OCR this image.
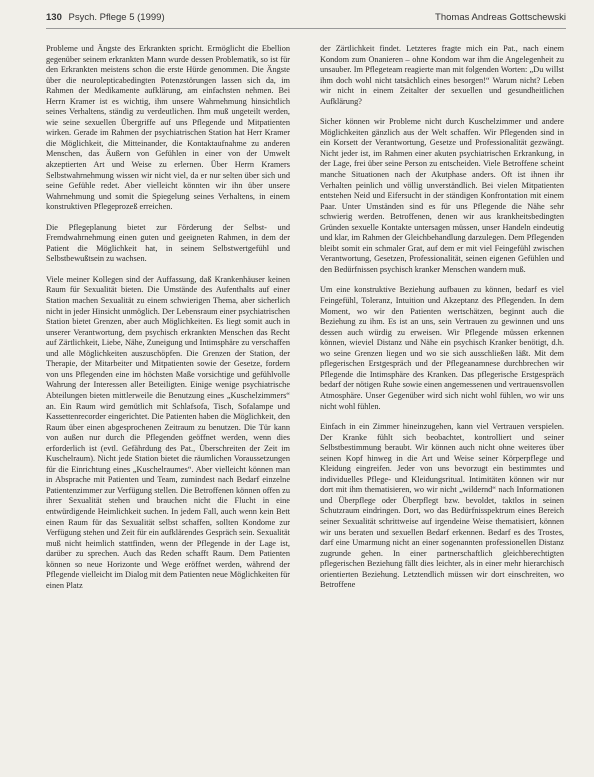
130 Psych. Pflege 5 (1999)	Thomas Andreas Gottschewski

Probleme und Ängste des Erkrankten spricht. Ermöglicht die Ebellion gegenüber seinem erkrankten Mann wurde dessen Problematik, so ist für den Erkrankten meistens schon die erste Hürde genommen. Die Ängste über die neurolepticabedingten Potenzstörungen lassen sich da, im Rahmen der Medikamente aufklärung, am einfachsten nehmen. Bei Herrn Kramer ist es wichtig, ihm unsere Wahrnehmung hinsichtlich seines Verhaltens, ständig zu verdeutlichen. Ihm muß ungeteilt werden, wie seine sexuellen Übergriffe auf uns Pflegende und Mitpatienten wirken. Gerade im Rahmen der psychiatrischen Station hat Herr Kramer die Möglichkeit, die Mitteinander, die Kontaktaufnahme zu anderen Menschen, das Äußern von Gefühlen in einer von der Umwelt akzeptierten Art und Weise zu erlernen. Über Herrn Kramers Selbstwahrnehmung wissen wir nicht viel, da er nur selten über sich und seine Gefühle redet. Aber vielleicht könnten wir ihn über unsere Wahrnehmung und somit die Spiegelung seines Verhaltens, in einem konstruktiven Pflegeprozeß erreichen.

Die Pflegeplanung bietet zur Förderung der Selbst- und Fremdwahrnehmung einen guten und geeigneten Rahmen, in dem der Patient die Möglichkeit hat, in seinem Selbstwertgefühl und Selbstbewußtsein zu wachsen.

Viele meiner Kollegen sind der Auffassung, daß Krankenhäuser keinen Raum für Sexualität bieten. Die Umstände des Aufenthalts auf einer Station machen Sexualität zu einem schwierigen Thema, aber sicherlich nicht in jeder Hinsicht unmöglich. Der Lebensraum einer psychiatrischen Station bietet Grenzen, aber auch Möglichkeiten. Es liegt somit auch in unserer Verantwortung, dem psychisch erkrankten Menschen das Recht auf Zärtlichkeit, Liebe, Nähe, Zuneigung und Intimsphäre zu verschaffen und alle Möglichkeiten auszuschöpfen. Die Grenzen der Station, der Therapie, der Mitarbeiter und Mitpatienten sowie der Gesetze, fordern von uns Pflegenden eine im höchsten Maße vorsichtige und gefühlvolle Wahrung der Interessen aller Beteiligten. Einige wenige psychiatrische Abteilungen bieten mittlerweile die Benutzung eines „Kuschelzimmers“ an. Ein Raum wird gemütlich mit Schlafsofa, Tisch, Sofalampe und Kassettenrecorder eingerichtet. Die Patienten haben die Möglichkeit, den Raum über einen abgesprochenen Zeitraum zu benutzen. Die Tür kann von außen nur durch die Pflegenden geöffnet werden, wenn dies erforderlich ist (evtl. Gefährdung des Pat., Überschreiten der Zeit im Kuschelraum). Nicht jede Station bietet die räumlichen Voraussetzungen für die Einrichtung eines „Kuschelraumes“. Aber vielleicht können man in Absprache mit Patienten und Team, zumindest nach Bedarf einzelne Patientenzimmer zur Verfügung stellen. Die Betroffenen können offen zu ihrer Sexualität stehen und brauchen nicht die Flucht in eine entwürdigende Heimlichkeit suchen. In jedem Fall, auch wenn kein Bett einen Raum für das Sexualität selbst schaffen, sollten Kondome zur Verfügung stehen und Zeit für ein aufklärendes Gespräch sein. Sexualität muß nicht heimlich stattfinden, wenn der Pflegende in der Lage ist, darüber zu sprechen. Auch das Reden schafft Raum. Dem Patienten können so neue Horizonte und Wege eröffnet werden, während der Pflegende vielleicht im Dialog mit dem Patienten neue Möglichkeiten für einen Platz

der Zärtlichkeit findet. Letzteres fragte mich ein Pat., nach einem Kondom zum Onanieren – ohne Kondom war ihm die Angelegenheit zu unsauber. Im Pflegeteam reagierte man mit folgenden Worten: „Du willst ihm doch wohl nicht tatsächlich eines besorgen!“ Warum nicht? Leben wir nicht in einem Zeitalter der sexuellen und gesundheitlichen Aufklärung?

Sicher können wir Probleme nicht durch Kuschelzimmer und andere Möglichkeiten gänzlich aus der Welt schaffen. Wir Pflegenden sind in ein Korsett der Verantwortung, Gesetze und Professionalität gezwängt. Nicht jeder ist, im Rahmen einer akuten psychiatrischen Erkrankung, in der Lage, frei über seine Person zu entscheiden. Viele Betroffene scheint manche Situationen nach der Akutphase anders. Oft ist ihnen ihr Verhalten peinlich und völlig unverständlich. Bei vielen Mitpatienten entstehen Neid und Eifersucht in der ständigen Konfrontation mit einem Paar. Unter Umständen sind es für uns Pflegende die Nähe sehr schwierig werden. Betroffenen, denen wir aus krankheitsbedingten Gründen sexuelle Kontakte untersagen müssen, unser Handeln eindeutig und klar, im Rahmen der Gleichbehandlung darzulegen. Dem Pflegenden bleibt somit ein schmaler Grat, auf dem er mit viel Feingefühl zwischen Verantwortung, Gesetzen, Professionalität, seinen eigenen Gefühlen und den Bedürfnissen psychisch kranker Menschen wandern muß.

Um eine konstruktive Beziehung aufbauen zu können, bedarf es viel Feingefühl, Toleranz, Intuition und Akzeptanz des Pflegenden. In dem Moment, wo wir den Patienten wertschätzen, beginnt auch die Beziehung zu ihm. Es ist an uns, sein Vertrauen zu gewinnen und uns dessen auch würdig zu erweisen. Wir Pflegende müssen erkennen können, wieviel Distanz und Nähe ein psychisch Kranker benötigt, d.h. wo seine Grenzen liegen und wo sie sich ausschließen läßt. Mit dem pflegerischen Erstgespräch und der Pflegeanamnese durchbrechen wir Pflegende die Intimsphäre des Kranken. Das pflegerische Erstgespräch bedarf der nötigen Ruhe sowie einen angemessenen und vertrauensvollen Atmosphäre. Unser Gegenüber wird sich nicht wohl fühlen, wo wir uns nicht wohl fühlen.

Einfach in ein Zimmer hineinzugehen, kann viel Vertrauen verspielen. Der Kranke fühlt sich beobachtet, kontrolliert und seiner Selbstbestimmung beraubt. Wir können auch nicht ohne weiteres über seinen Kopf hinweg in die Art und Weise seiner Körperpflege und Kleidung eingreifen. Jeder von uns bevorzugt ein bestimmtes und individuelles Pflege- und Kleidungsritual. Intimitäten können wir nur dort mit ihm thematisieren, wo wir nicht „wildernd“ nach Informationen und Überpflege oder Überpflegt bzw. bevoldet, taktlos in seinen Schutzraum eindringen. Dort, wo das Bedürfnisspektrum eines Bereich seiner Sexualität schrittweise auf irgendeine Weise thematisiert, können wir uns beraten und sexuellen Bedarf erkennen. Bedarf es des Trostes, darf eine Umarmung nicht an einer sogenannten professionellen Distanz zugrunde gehen. In einer partnerschaftlich gleichberechtigten pflegerischen Beziehung fällt dies leichter, als in einer mehr hierarchisch orientierten Beziehung. Letztendlich müssen wir dort einschreiten, wo Betroffene
